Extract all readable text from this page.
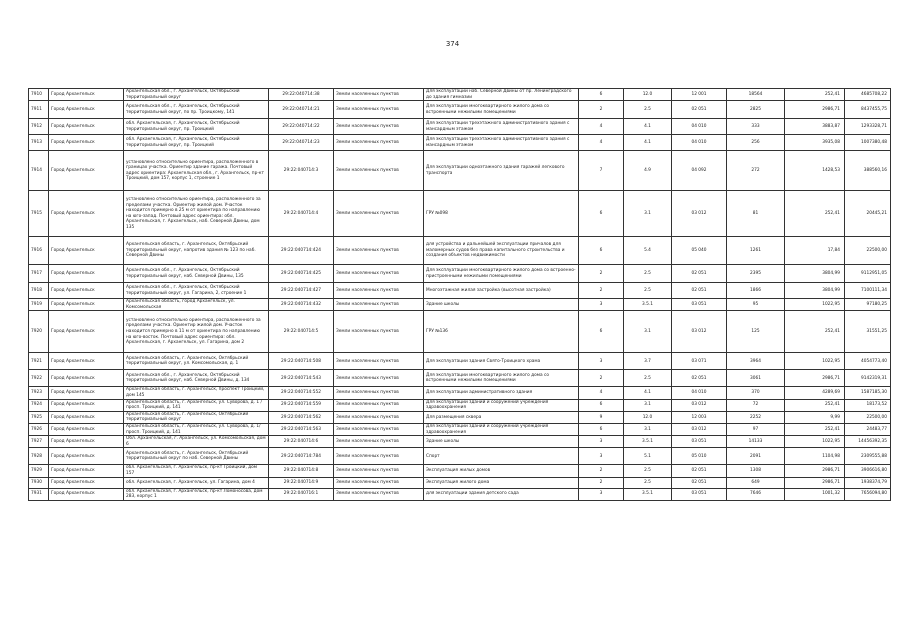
374
7910	Город Архангельск	Архангельская обл., г. Архангельск, Октябрьский территориальный округ	29:22:040714:38	Земли населенных пунктов	Для эксплуатации наб. Северной Двины от пр. Ленинградского до здания гимназии	6	12.0	12 001	18564	252,41	4685708,22
7911	Город Архангельск	Архангельская обл., г. Архангельск, Октябрьский территориальный округ, по пр. Троицкому, 141	29:22:040714:21	Земли населенных пунктов	Для эксплуатации многоквартирного жилого дома со встроенными нежилыми помещениями	2	2.5	02 051	2825	2986,71	8437455,75
7912	Город Архангельск	обл. Архангельская, г. Архангельск, Октябрьский территориальный округ, пр. Троицкий	29:22:040714:22	Земли населенных пунктов	Для эксплуатации трехэтажного административного здания с мансардным этажом	4	4.1	04 010	333	3883,87	1293328,71
7913	Город Архангельск	обл. Архангельская, г. Архангельск, Октябрьский территориальный округ, пр. Троицкий	29:22:040714:23	Земли населенных пунктов	Для эксплуатации трехэтажного административного здания с мансардным этажом	4	4.1	04 010	256	3935,08	1007380,48
7914	Город Архангельск	установлено относительно ориентира, расположенного в границах участка. Ориентир здание гаража. Почтовый адрес ориентира: Архангельская обл., г. Архангельск, пр-кт Троицкий, дом 157, корпус 1, строение 1	29:22:040714:3	Земли населенных пунктов	Для эксплуатации одноэтажного здания гаражей легкового транспорта	7	4.9	04 092	272	1428,53	388560,16
7915	Город Архангельск	установлено относительно ориентира, расположенного за пределами участка. Ориентир жилой дом. Участок находится примерно в 25 м от ориентира по направлению на юго-запад. Почтовый адрес ориентира: обл. Архангельская, г. Архангельск, наб. Северной Двины, дом 135	29:22:040714:4	Земли населенных пунктов	ГРУ №098	6	3.1	03 012	81	252,41	20445,21
7916	Город Архангельск	Архангельская область, г. Архангельск, Октябрьский территориальный округ, напротив здания № 123 по наб. Северной Двины	29:22:040714:424	Земли населенных пунктов	для устройства и дальнейшей эксплуатации причалов для маломерных судов без права капитального строительства и создания объектов недвижимости	6	5.4	05 040	1261	17,84	22500,00
7917	Город Архангельск	Архангельская обл., г. Архангельск, Октябрьский территориальный округ, наб. Северной Двины, 135	29:22:040714:425	Земли населенных пунктов	Для эксплуатации многоквартирного жилого дома со встроенно-пристроенными нежилыми помещениями	2	2.5	02 051	2395	3804,99	9112951,05
7918	Город Архангельск	Архангельская обл., г. Архангельск, Октябрьский территориальный округ, ул. Гагарина, 2, строение 1	29:22:040714:427	Земли населенных пунктов	Многоэтажная жилая застройка (высотная застройка)	2	2.5	02 051	1866	3804,99	7100111,34
7919	Город Архангельск	Архангельская область, город Архангельск, ул. Комсомольская	29:22:040714:432	Земли населенных пунктов	Здание школы	3	3.5.1	03 051	95	1022,95	97180,25
7920	Город Архангельск	установлено относительно ориентира, расположенного за пределами участка. Ориентир жилой дом. Участок находится примерно в 11 м от ориентира по направлению на юго-восток. Почтовый адрес ориентира: обл. Архангельская, г. Архангельск, ул. Гагарина, дом 2	29:22:040714:5	Земли населенных пунктов	ГРУ №136	6	3.1	03 012	125	252,41	31551,25
7921	Город Архангельск	Архангельская область, г. Архангельск, Октябрьский территориальный округ, ул. Комсомольская, д. 1	29:22:040714:508	Земли населенных пунктов	Для эксплуатации здания Свято-Троицкого храма	3	3.7	03 071	3964	1022,95	4054773,40
7922	Город Архангельск	Архангельская обл., г. Архангельск, Октябрьский территориальный округ, наб. Северной Двины, д. 134	29:22:040714:543	Земли населенных пунктов	Для эксплуатации многоквартирного жилого дома со встроенными нежилыми помещениями	2	2.5	02 051	3061	2986,71	9142319,31
7923	Город Архангельск	Архангельская область, г. Архангельск, проспект Троицкий, дом 145	29:22:040714:552	Земли населенных пунктов	Для эксплуатации административного здания	4	4.1	04 010	370	4289,69	1587185,30
7924	Город Архангельск	Архангельская область, г. Архангельск, ул. Суворова, д. 1 / просп. Троицкий, д. 141	29:22:040714:559	Земли населенных пунктов	Для эксплуатации зданий и сооружений учреждения здравоохранения	6	3.1	03 012	72	252,41	18173,52
7925	Город Архангельск	Архангельская область, г. Архангельск, Октябрьский территориальный округ	29:22:040714:562	Земли населенных пунктов	Для размещения сквера	9	12.0	12 003	2252	9,99	22500,00
7926	Город Архангельск	Архангельская область, г. Архангельск, ул. Суворова, д. 1/ просп. Троицкий, д. 141	29:22:040714:563	Земли населенных пунктов	Для эксплуатации зданий и сооружений учреждения здравоохранения	6	3.1	03 012	97	252,41	24483,77
7927	Город Архангельск	Обл. Архангельская, г. Архангельск, ул. Комсомольская, дом 6	29:22:040714:6	Земли населенных пунктов	Здание школы	3	3.5.1	03 051	14133	1022,95	14456392,35
7928	Город Архангельск	Архангельская область, г. Архангельск, Октябрьский территориальный округ по наб. Северной Двины	29:22:040714:784	Земли населенных пунктов	Спорт	3	5.1	05 010	2091	1104,98	2309555,88
7929	Город Архангельск	обл. Архангельская, г. Архангельск, пр-кт Троицкий, дом 157	29:22:040714:8	Земли населенных пунктов	Эксплуатация жилых домов	2	2.5	02 051	1308	2986,71	3906616,80
7930	Город Архангельск	обл. Архангельская, г. Архангельск, ул. Гагарина, дом 4	29:22:040714:9	Земли населенных пунктов	Эксплуатация жилого дома	2	2.5	02 051	649	2986,71	1938374,79
7931	Город Архангельск	обл. Архангельская, г. Архангельск, пр-кт Ломоносова, дом 283, корпус 1	29:22:040716:1	Земли населенных пунктов	для эксплуатации здания детского сада	3	3.5.1	03 051	7646	1001,32	7656094,80
